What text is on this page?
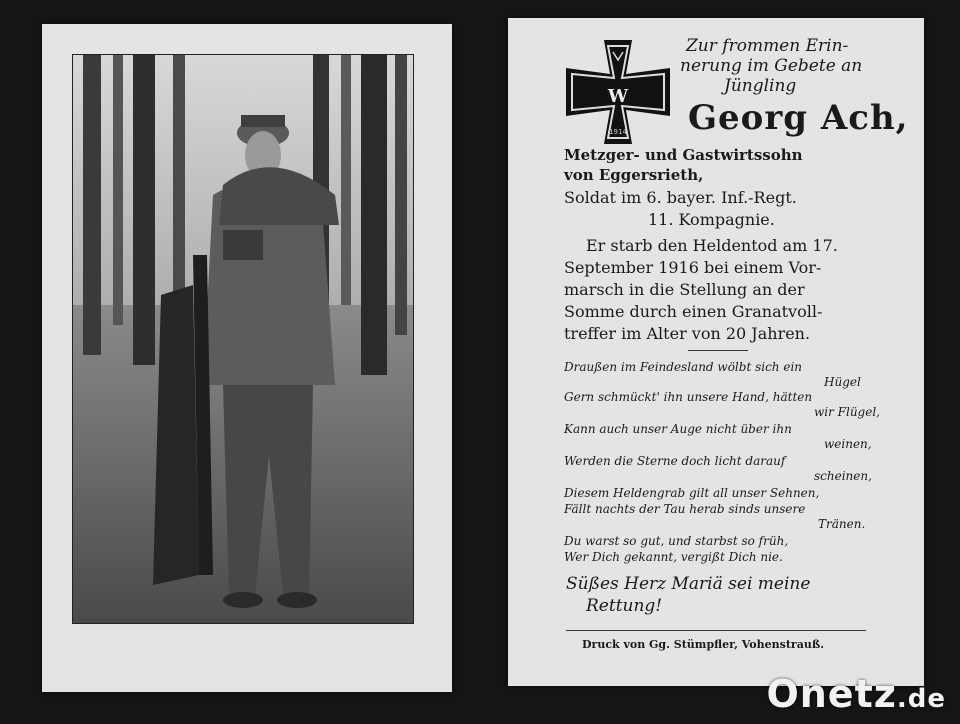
W
1914
Zur frommen Erin-
nerung im Gebete an
Jüngling
Georg Ach,
Metzger- und Gastwirtssohn
von Eggersrieth,
Soldat im 6. bayer. Inf.-Regt.
11. Kompagnie.
Er starb den Heldentod am 17.
September 1916 bei einem Vor-
marsch in die Stellung an der
Somme durch einen Granatvoll-
treffer im Alter von 20 Jahren.
Draußen im Feindesland wölbt sich ein
Hügel
Gern schmückt' ihn unsere Hand, hätten
wir Flügel,
Kann auch unser Auge nicht über ihn
weinen,
Werden die Sterne doch licht darauf
scheinen,
Diesem Heldengrab gilt all unser Sehnen,
Fällt nachts der Tau herab sinds unsere
Tränen.
Du warst so gut, und starbst so früh,
Wer Dich gekannt, vergißt Dich nie.
Süßes Herz Mariä sei meine
Rettung!
Druck von Gg. Stümpfler, Vohenstrauß.
Onetz.de
